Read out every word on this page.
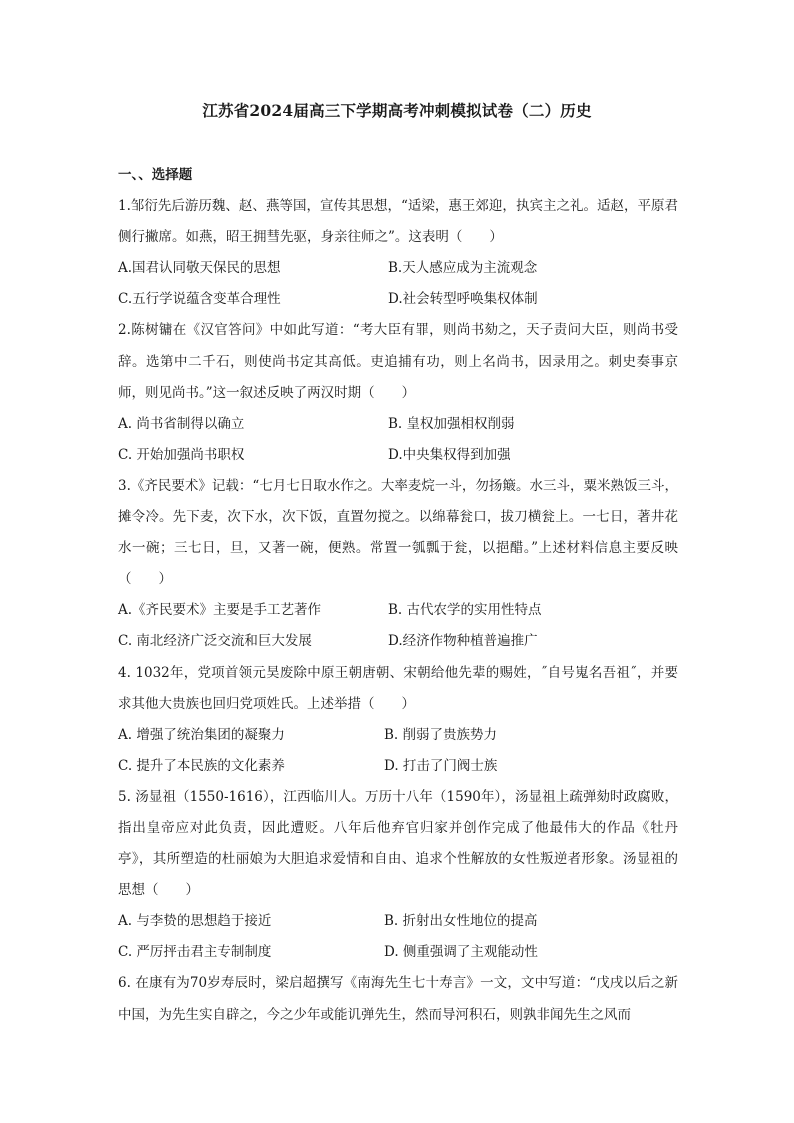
江苏省2024届高三下学期高考冲刺模拟试卷（二）历史

一、、选择题

1.邹衍先后游历魏、赵、燕等国，宣传其思想，“适梁，惠王郊迎，执宾主之礼。适赵，平原君侧行撇席。如燕，昭王拥彗先驱，身亲往师之”。这表明（　　）

A.国君认同敬天保民的思想	B.天人感应成为主流观念

C.五行学说蕴含变革合理性	D.社会转型呼唤集权体制

2.陈树镛在《汉官答问》中如此写道：“考大臣有罪，则尚书劾之，天子责问大臣，则尚书受辞。选第中二千石，则使尚书定其高低。吏追捕有功，则上名尚书，因录用之。刺史奏事京师，则见尚书。”这一叙述反映了两汉时期（　　）

A. 尚书省制得以确立	B. 皇权加强相权削弱

C. 开始加强尚书职权	D.中央集权得到加强

3.《齐民要术》记载：“七月七日取水作之。大率麦烷一斗，勿扬簸。水三斗，粟米熟饭三斗，摊令冷。先下麦，次下水，次下饭，直置勿搅之。以绵幕瓮口，拔刀横瓮上。一七日，著井花水一碗；三七日，旦，又著一碗，便熟。常置一瓠瓢于瓮，以挹醋。”上述材料信息主要反映（　　）

A.《齐民要术》主要是手工艺著作	B. 古代农学的实用性特点

C. 南北经济广泛交流和巨大发展	D.经济作物种植普遍推广

4. 1032年，党项首领元昊废除中原王朝唐朝、宋朝给他先辈的赐姓，˝自号嵬名吾祖˝，并要求其他大贵族也回归党项姓氏。上述举措（　　）

A. 增强了统治集团的凝聚力	B. 削弱了贵族势力

C. 提升了本民族的文化素养	D. 打击了门阀士族

5. 汤显祖（1550-1616），江西临川人。万历十八年（1590年），汤显祖上疏弹劾时政腐败，指出皇帝应对此负责，因此遭贬。八年后他弃官归家并创作完成了他最伟大的作品《牡丹亭》，其所塑造的杜丽娘为大胆追求爱情和自由、追求个性解放的女性叛逆者形象。汤显祖的思想（　　）

A. 与李贽的思想趋于接近	B. 折射出女性地位的提高

C. 严厉抨击君主专制制度	D. 侧重强调了主观能动性

6. 在康有为70岁寿辰时，梁启超撰写《南海先生七十寿言》一文，文中写道：“戊戌以后之新中国，为先生实自辟之，今之少年或能讥弹先生，然而导河积石，则孰非闻先生之风而
